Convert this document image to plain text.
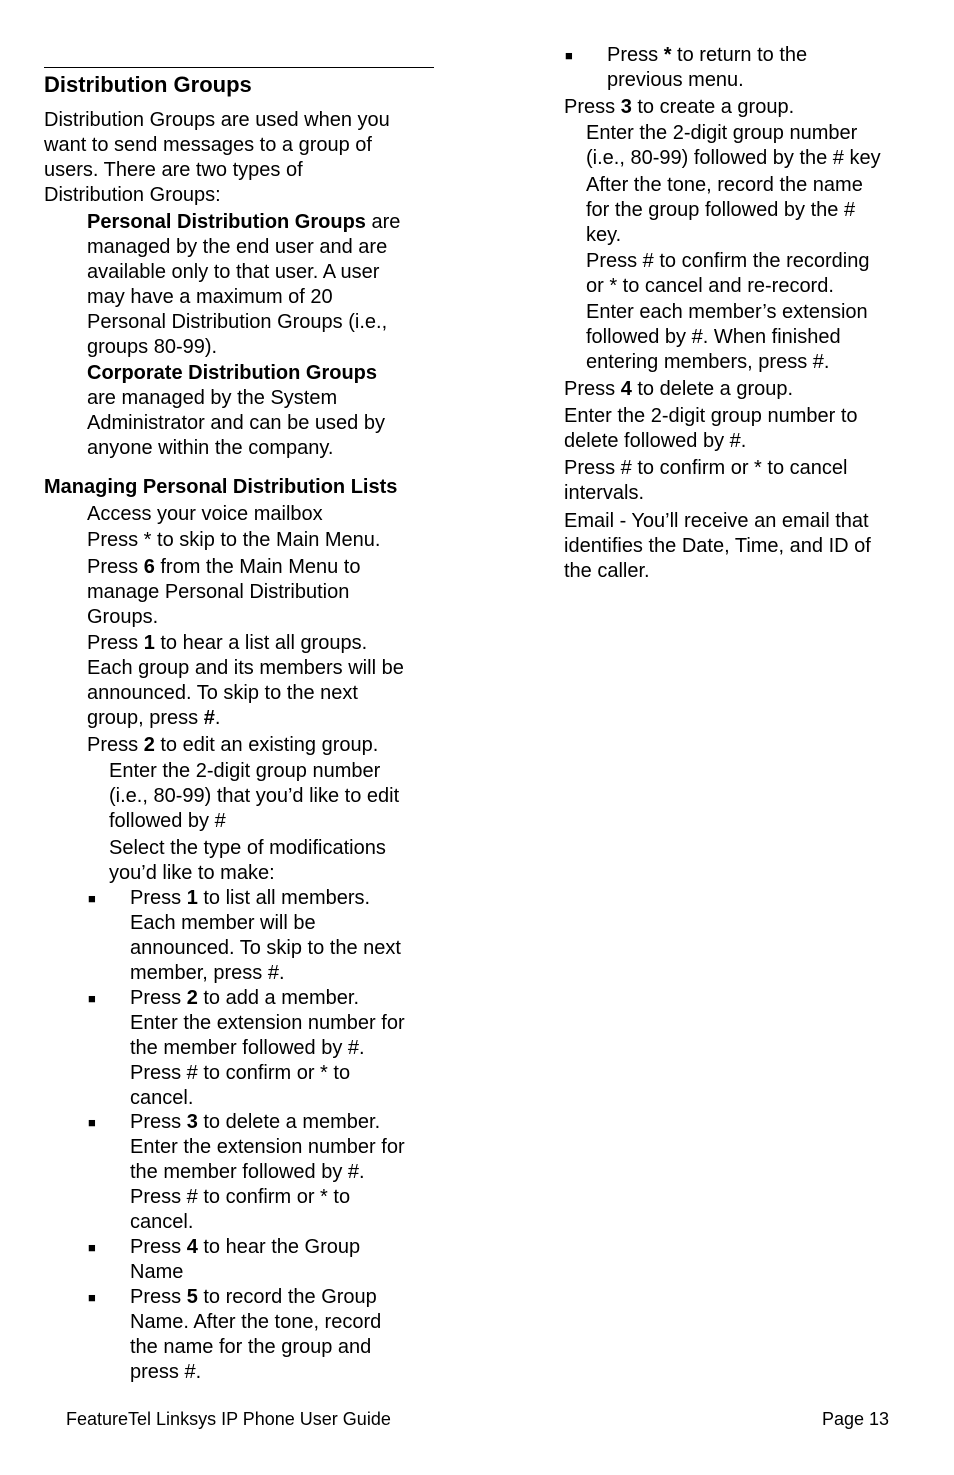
Distribution Groups
Distribution Groups are used when you
want to send messages to a group of
users. There are two types of
Distribution Groups:
Personal Distribution Groups are
managed by the end user and are
available only to that user. A user
may have a maximum of 20
Personal Distribution Groups (i.e.,
groups 80-99).
Corporate Distribution Groups
are managed by the System
Administrator and can be used by
anyone within the company.
Managing Personal Distribution Lists
Access your voice mailbox
Press * to skip to the Main Menu.
Press 6 from the Main Menu to
manage Personal Distribution
Groups.
Press 1 to hear a list all groups.
Each group and its members will be
announced. To skip to the next
group, press #.
Press 2 to edit an existing group.
Enter the 2-digit group number
(i.e., 80-99) that you’d like to edit
followed by #
Select the type of modifications
you’d like to make:
■ Press 1 to list all members.
Each member will be
announced. To skip to the next
member, press #.
■ Press 2 to add a member.
Enter the extension number for
the member followed by #.
Press # to confirm or * to
cancel.
■ Press 3 to delete a member.
Enter the extension number for
the member followed by #.
Press # to confirm or * to
cancel.
■ Press 4 to hear the Group
Name
■ Press 5 to record the Group
Name. After the tone, record
the name for the group and
press #.
■ Press * to return to the
previous menu.
Press 3 to create a group.
Enter the 2-digit group number
(i.e., 80-99) followed by the # key
After the tone, record the name
for the group followed by the #
key.
Press # to confirm the recording
or * to cancel and re-record.
Enter each member’s extension
followed by #. When finished
entering members, press #.
Press 4 to delete a group.
Enter the 2-digit group number to
delete followed by #.
Press # to confirm or * to cancel
intervals.
Email - You’ll receive an email that
identifies the Date, Time, and ID of
the caller.
FeatureTel Linksys IP Phone User Guide	Page 13
